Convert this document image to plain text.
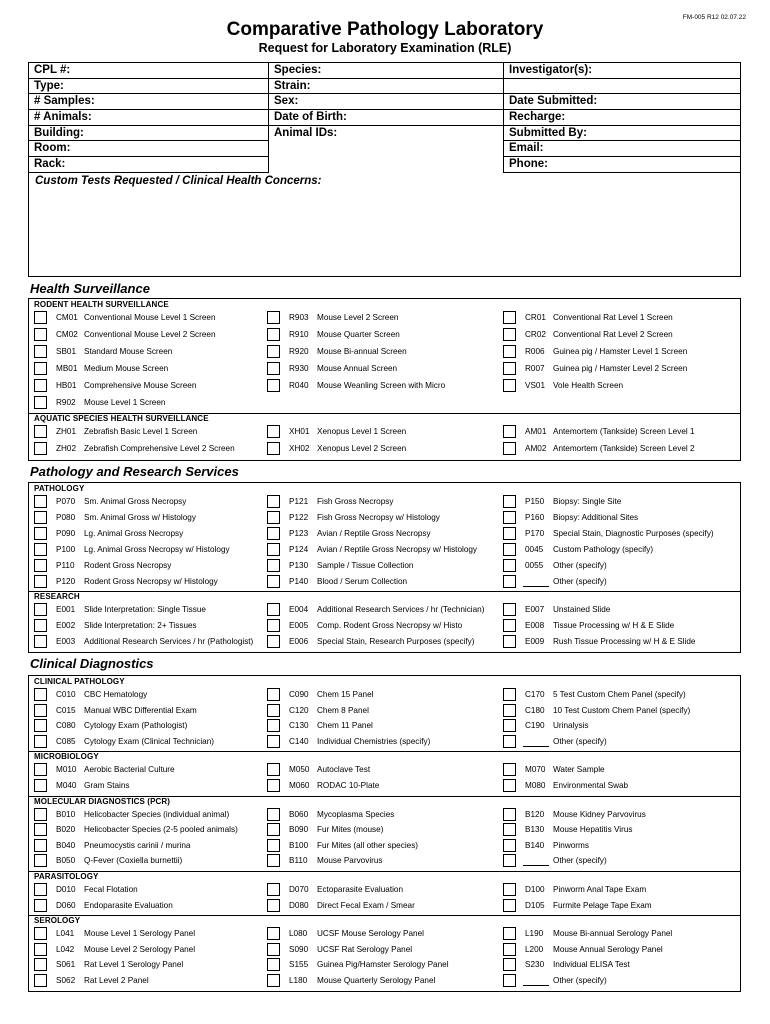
FM-005 R12 02.07.22
Comparative Pathology Laboratory
Request for Laboratory Examination (RLE)
CPL #:
Type:
# Samples:
# Animals:
Building:
Room:
Rack:
Species:
Strain:
Sex:
Date of Birth:
Animal IDs:
Investigator(s):
Date Submitted:
Recharge:
Submitted By:
Email:
Phone:
Custom Tests Requested / Clinical Health Concerns:
Health Surveillance
RODENT HEALTH SURVEILLANCE
CM01 Conventional Mouse Level 1 Screen	R903 Mouse Level 2 Screen	CR01 Conventional Rat Level 1 Screen
CM02 Conventional Mouse Level 2 Screen	R910 Mouse Quarter Screen	CR02 Conventional Rat Level 2 Screen
SB01 Standard Mouse Screen	R920 Mouse Bi-annual Screen	R006 Guinea pig / Hamster Level 1 Screen
MB01 Medium Mouse Screen	R930 Mouse Annual Screen	R007 Guinea pig / Hamster Level 2 Screen
HB01 Comprehensive Mouse Screen	R040 Mouse Weanling Screen with Micro	VS01 Vole Health Screen
R902 Mouse Level 1 Screen
AQUATIC SPECIES HEALTH SURVEILLANCE
ZH01 Zebrafish Basic Level 1 Screen	XH01 Xenopus Level 1 Screen	AM01 Antemortem (Tankside) Screen Level 1
ZH02 Zebrafish Comprehensive Level 2 Screen	XH02 Xenopus Level 2 Screen	AM02 Antemortem (Tankside) Screen Level 2
Pathology and Research Services
PATHOLOGY
P070 Sm. Animal Gross Necropsy	P121 Fish Gross Necropsy	P150 Biopsy: Single Site
P080 Sm. Animal Gross w/ Histology	P122 Fish Gross Necropsy w/ Histology	P160 Biopsy: Additional Sites
P090 Lg. Animal Gross Necropsy	P123 Avian / Reptile Gross Necropsy	P170 Special Stain, Diagnostic Purposes (specify)
P100 Lg. Animal Gross Necropsy w/ Histology	P124 Avian / Reptile Gross Necropsy w/ Histology	0045 Custom Pathology (specify)
P110 Rodent Gross Necropsy	P130 Sample / Tissue Collection	0055 Other (specify)
P120 Rodent Gross Necropsy w/ Histology	P140 Blood / Serum Collection	Other (specify)
RESEARCH
E001 Slide Interpretation: Single Tissue	E004 Additional Research Services / hr (Technician)	E007 Unstained Slide
E002 Slide Interpretation: 2+ Tissues	E005 Comp. Rodent Gross Necropsy w/ Histo	E008 Tissue Processing w/ H & E Slide
E003 Additional Research Services / hr (Pathologist)	E006 Special Stain, Research Purposes (specify)	E009 Rush Tissue Processing w/ H & E Slide
Clinical Diagnostics
CLINICAL PATHOLOGY
C010 CBC Hematology	C090 Chem 15 Panel	C170 5 Test Custom Chem Panel (specify)
C015 Manual WBC Differential Exam	C120 Chem 8 Panel	C180 10 Test Custom Chem Panel (specify)
C080 Cytology Exam (Pathologist)	C130 Chem 11 Panel	C190 Urinalysis
C085 Cytology Exam (Clinical Technician)	C140 Individual Chemistries (specify)	Other (specify)
MICROBIOLOGY
M010 Aerobic Bacterial Culture	M050 Autoclave Test	M070 Water Sample
M040 Gram Stains	M060 RODAC 10-Plate	M080 Environmental Swab
MOLECULAR DIAGNOSTICS (PCR)
B010 Helicobacter Species (individual animal)	B060 Mycoplasma Species	B120 Mouse Kidney Parvovirus
B020 Helicobacter Species (2-5 pooled animals)	B090 Fur Mites (mouse)	B130 Mouse Hepatitis Virus
B040 Pneumocystis carinii / murina	B100 Fur Mites (all other species)	B140 Pinworms
B050 Q-Fever (Coxiella burnettii)	B110 Mouse Parvovirus	Other (specify)
PARASITOLOGY
D010 Fecal Flotation	D070 Ectoparasite Evaluation	D100 Pinworm Anal Tape Exam
D060 Endoparasite Evaluation	D080 Direct Fecal Exam / Smear	D105 Furmite Pelage Tape Exam
SEROLOGY
L041 Mouse Level 1 Serology Panel	L080 UCSF Mouse Serology Panel	L190 Mouse Bi-annual Serology Panel
L042 Mouse Level 2 Serology Panel	S090 UCSF Rat Serology Panel	L200 Mouse Annual Serology Panel
S061 Rat Level 1 Serology Panel	S155 Guinea Pig/Hamster Serology Panel	S230 Individual ELISA Test
S062 Rat Level 2 Panel	L180 Mouse Quarterly Serology Panel	Other (specify)
